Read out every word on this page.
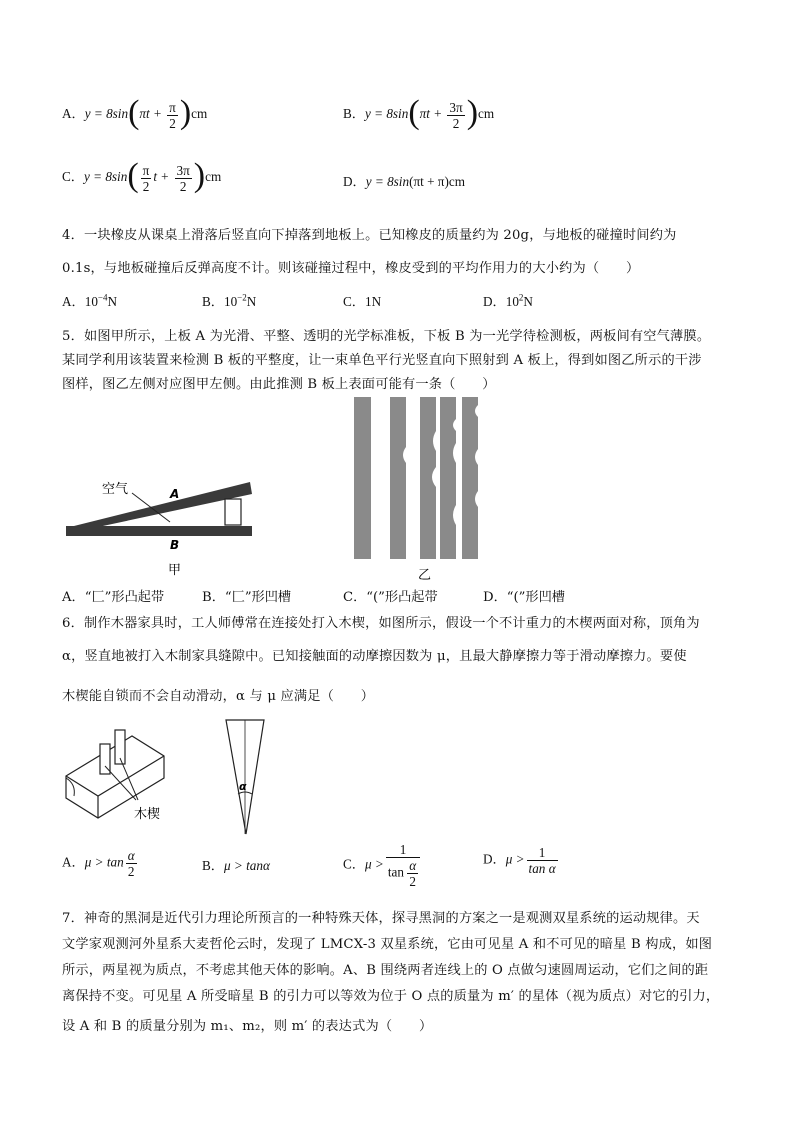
A．$y = 8\sin(\pi t + \frac{\pi}{2} )cm$	B．$y = 8\sin(\pi t + \frac{3\pi}{2} )cm$
C．$y = 8\sin( \frac{\pi}{2}$ $t + \frac{3\pi}{2} )cm$	D．y = 8sin(πt + π)cm
4．一块橡皮从课桌上滑落后竖直向下掉落到地板上。已知橡皮的质量约为 20g，与地板的碰撞时间约为
0.1s，与地板碰撞后反弹高度不计。则该碰撞过程中，橡皮受到的平均作用力的大小约为（　　）
A．$10^{-4}N$	B．$10^{-2}N$	C．1N	D．$10^2N$
5．如图甲所示，上板 A 为光滑、平整、透明的光学标准板，下板 B 为一光学待检测板，两板间有空气薄膜。
某同学利用该装置来检测 B 板的平整度，让一束单色平行光竖直向下照射到 A 板上，得到如图乙所示的干涉
图样，图乙左侧对应图甲左侧。由此推测 B 板上表面可能有一条（　　）
空气	A
B
甲	乙
A．“匚”形凸起带	B．“匚”形凹槽	C．“(”形凸起带	D．“(”形凹槽
6．制作木器家具时，工人师傅常在连接处打入木楔，如图所示，假设一个不计重力的木楔两面对称，顶角为
α，竖直地被打入木制家具缝隙中。已知接触面的动摩擦因数为 μ，且最大静摩擦力等于滑动摩擦力。要使
木楔能自锁而不会自动滑动，α 与 μ 应满足（　　）
木楔
α
A．$\mu > \tan \frac{\alpha}{2}$	B．μ > tanα	C．$\mu > \frac{1}{\tan \frac{\alpha}{2}}$	D．$\mu > \frac{1}{\text{tan α}}$
7．神奇的黑洞是近代引力理论所预言的一种特殊天体，探寻黑洞的方案之一是观测双星系统的运动规律。天
文学家观测河外星系大麦哲伦云时，发现了 LMCX-3 双星系统，它由可见星 A 和不可见的暗星 B 构成，如图
所示，两星视为质点，不考虑其他天体的影响。A、B 围绕两者连线上的 O 点做匀速圆周运动，它们之间的距
离保持不变。可见星 A 所受暗星 B 的引力可以等效为位于 O 点的质量为 m′ 的星体（视为质点）对它的引力，
设 A 和 B 的质量分别为 m₁、m₂，则 m′ 的表达式为（　　）
